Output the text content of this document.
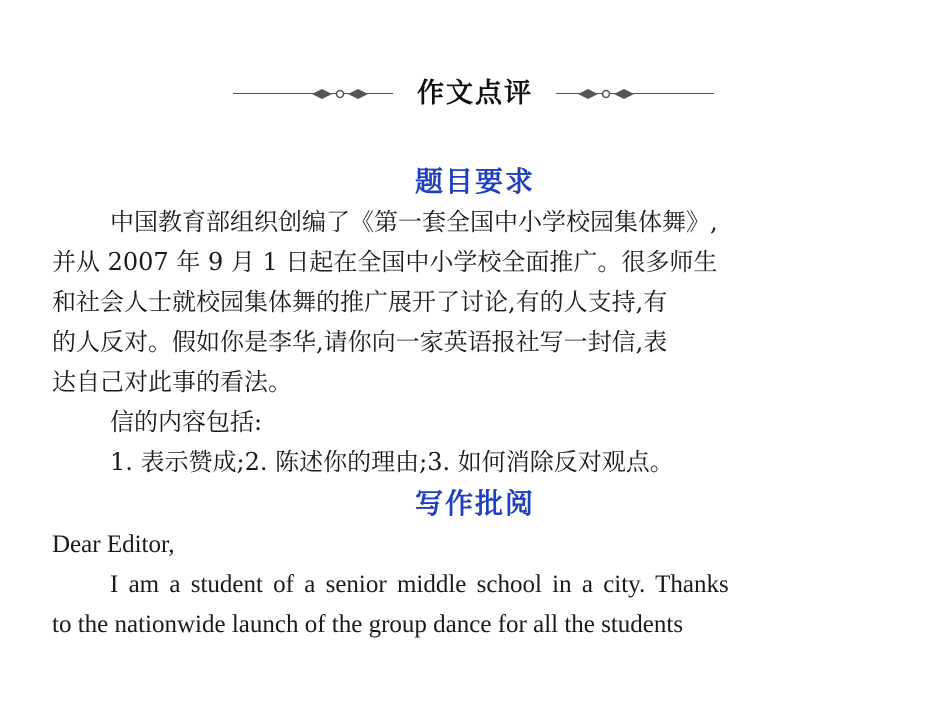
作文点评
题目要求
中国教育部组织创编了《第一套全国中小学校园集体舞》,
并从 2007 年 9 月 1 日起在全国中小学校全面推广。很多师生
和社会人士就校园集体舞的推广展开了讨论,有的人支持,有
的人反对。假如你是李华,请你向一家英语报社写一封信,表
达自己对此事的看法。
信的内容包括:
1. 表示赞成;2. 陈述你的理由;3. 如何消除反对观点。
写作批阅
Dear Editor,
I am a student of a senior middle school in a city. Thanks
to the nationwide launch of the group dance for all the students
